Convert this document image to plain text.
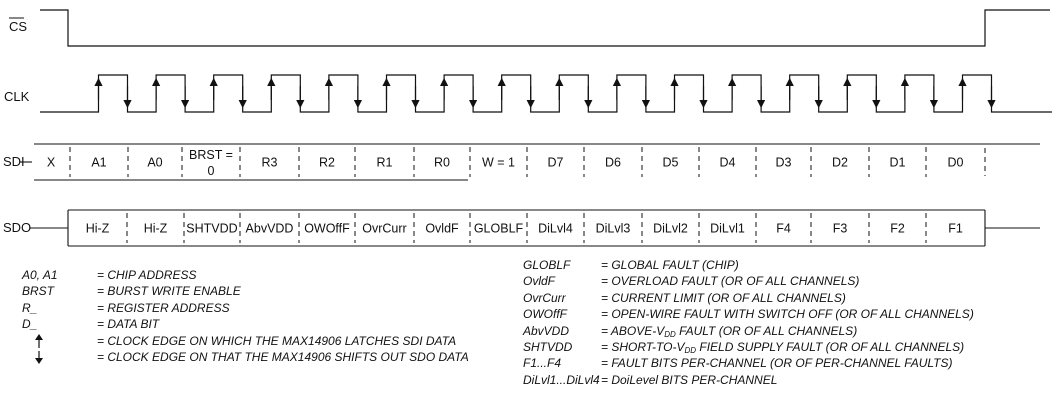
CS
CLK
SDI
SDO
X	A1	A0
BRST =
0
R3	R2	R1	R0	W = 1	D7	D6	D5	D4	D3	D2	D1	D0
Hi-Z	Hi-Z SHTVDD AbvVDD OWOffF OvrCurr OvldF GLOBLF DiLvl4 DiLvl3 DiLvl2 DiLvl1	F4	F3	F2	F1
A0, A1	= CHIP ADDRESS
BRST	= BURST WRITE ENABLE
R_	= REGISTER ADDRESS
D_	= DATA BIT
= CLOCK EDGE ON WHICH THE MAX14906 LATCHES SDI DATA
= CLOCK EDGE ON THAT THE MAX14906 SHIFTS OUT SDO DATA
GLOBLF	= GLOBAL FAULT (CHIP)
OvldF	= OVERLOAD FAULT (OR OF ALL CHANNELS)
OvrCurr	= CURRENT LIMIT (OR OF ALL CHANNELS)
OWOffF	= OPEN-WIRE FAULT WITH SWITCH OFF (OR OF ALL CHANNELS)
AbvVDD	= ABOVE-$V_{DD}$ FAULT (OR OF ALL CHANNELS)
SHTVDD	= SHORT-$TO-V_{DD}$ FIELD SUPPLY FAULT (OR OF ALL CHANNELS)
F1...F4	= FAULT BITS PER-CHANNEL (OR OF PER-CHANNEL FAULTS)
DiLvl1...DiLvl4 = DoiLevel BITS PER-CHANNEL
